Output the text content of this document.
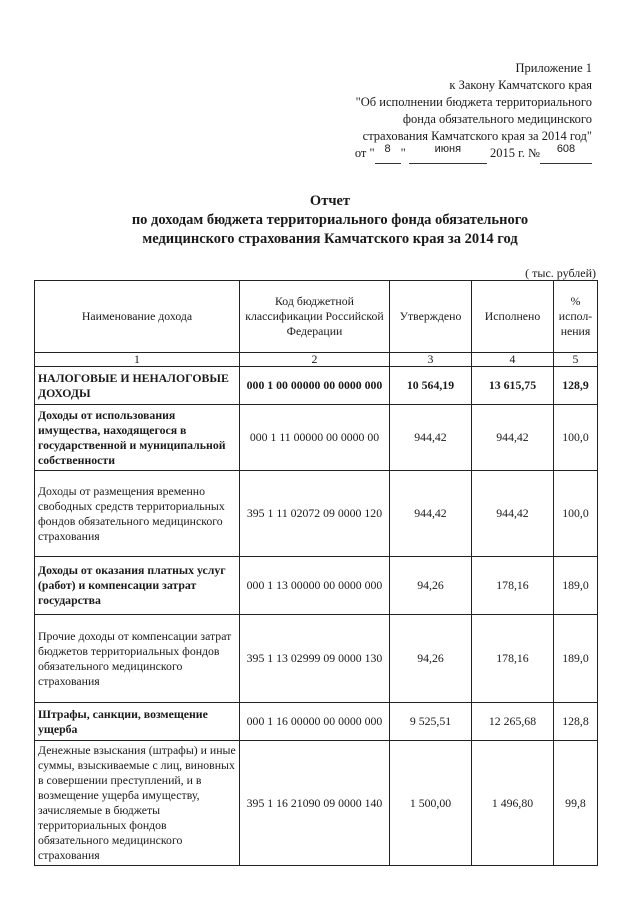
Приложение 1
к Закону Камчатского края
"Об исполнении бюджета территориального
фонда обязательного медицинского
страхования Камчатского края за 2014 год"
от " 8 "	июня 2015 г. № 608
Отчет
по доходам бюджета территориального фонда обязательного
медицинского страхования Камчатского края за 2014 год
( тыс. рублей)
Наименование дохода	Код бюджетной классификации Российской Федерации	Утверждено	Исполнено	% испол-нения
1	2	3	4	5
НАЛОГОВЫЕ И НЕНАЛОГОВЫЕ ДОХОДЫ	000 1 00 00000 00 0000 000	10 564,19	13 615,75	128,9
Доходы от использования имущества, находящегося в государственной и муниципальной собственности	000 1 11 00000 00 0000 00	944,42	944,42	100,0
Доходы от размещения временно свободных средств территориальных фондов обязательного медицинского страхования	395 1 11 02072 09 0000 120	944,42	944,42	100,0
Доходы от оказания платных услуг (работ) и компенсации затрат государства	000 1 13 00000 00 0000 000	94,26	178,16	189,0
Прочие доходы от компенсации затрат бюджетов территориальных фондов обязательного медицинского страхования	395 1 13 02999 09 0000 130	94,26	178,16	189,0
Штрафы, санкции, возмещение ущерба	000 1 16 00000 00 0000 000	9 525,51	12 265,68	128,8
Денежные взыскания (штрафы) и иные суммы, взыскиваемые с лиц, виновных в совершении преступлений, и в возмещение ущерба имуществу, зачисляемые в бюджеты территориальных фондов обязательного медицинского страхования	395 1 16 21090 09 0000 140	1 500,00	1 496,80	99,8
